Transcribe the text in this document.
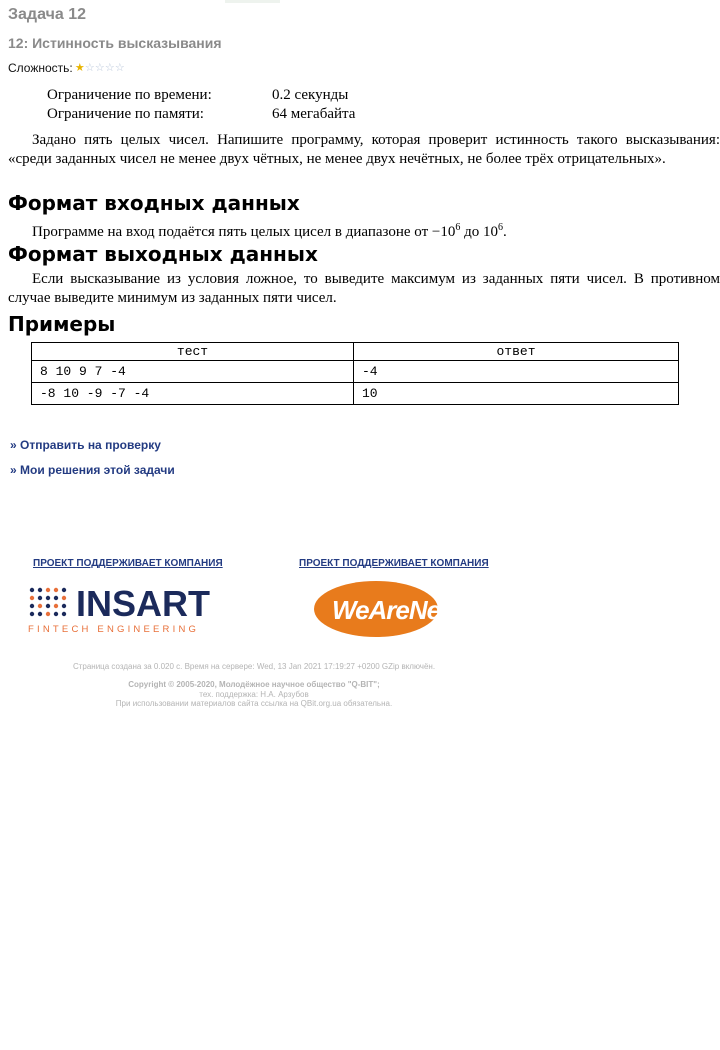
Задача 12
12: Истинность высказывания
Сложность: ★ ☆ ☆ ☆ ☆
Ограничение по времени:	0.2 секунды
Ограничение по памяти:	64 мегабайта
Задано пять целых чисел. Напишите программу, которая проверит истинность такого высказывания: «среди заданных чисел не менее двух чётных, не менее двух нечётных, не более трёх отрицательных».
Формат входных данных
Программе на вход подаётся пять целых цисел в диапазоне от $-10^6$ до $10^6$.
Формат выходных данных
Если высказывание из условия ложное, то выведите максимум из заданных пяти чисел. В противном случае выведите минимум из заданных пяти чисел.
Примеры
тест	ответ
8 10 9 7 -4	-4
-8 10 -9 -7 -4	10
» Отправить на проверку
» Мои решения этой задачи
ПРОЕКТ ПОДДЕРЖИВАЕТ КОМПАНИЯ	ПРОЕКТ ПОДДЕРЖИВАЕТ КОМПАНИЯ
INSART
FINTECH ENGINEERING
WeAreNet
Страница создана за 0.020 с. Время на сервере: Wed, 13 Jan 2021 17:19:27 +0200 GZip включён.
Copyright © 2005-2020, Молодёжное научное общество "Q-BIT";
тех. поддержка: Н.А. Арзубов
При использовании материалов сайта ссылка на QBit.org.ua обязательна.
